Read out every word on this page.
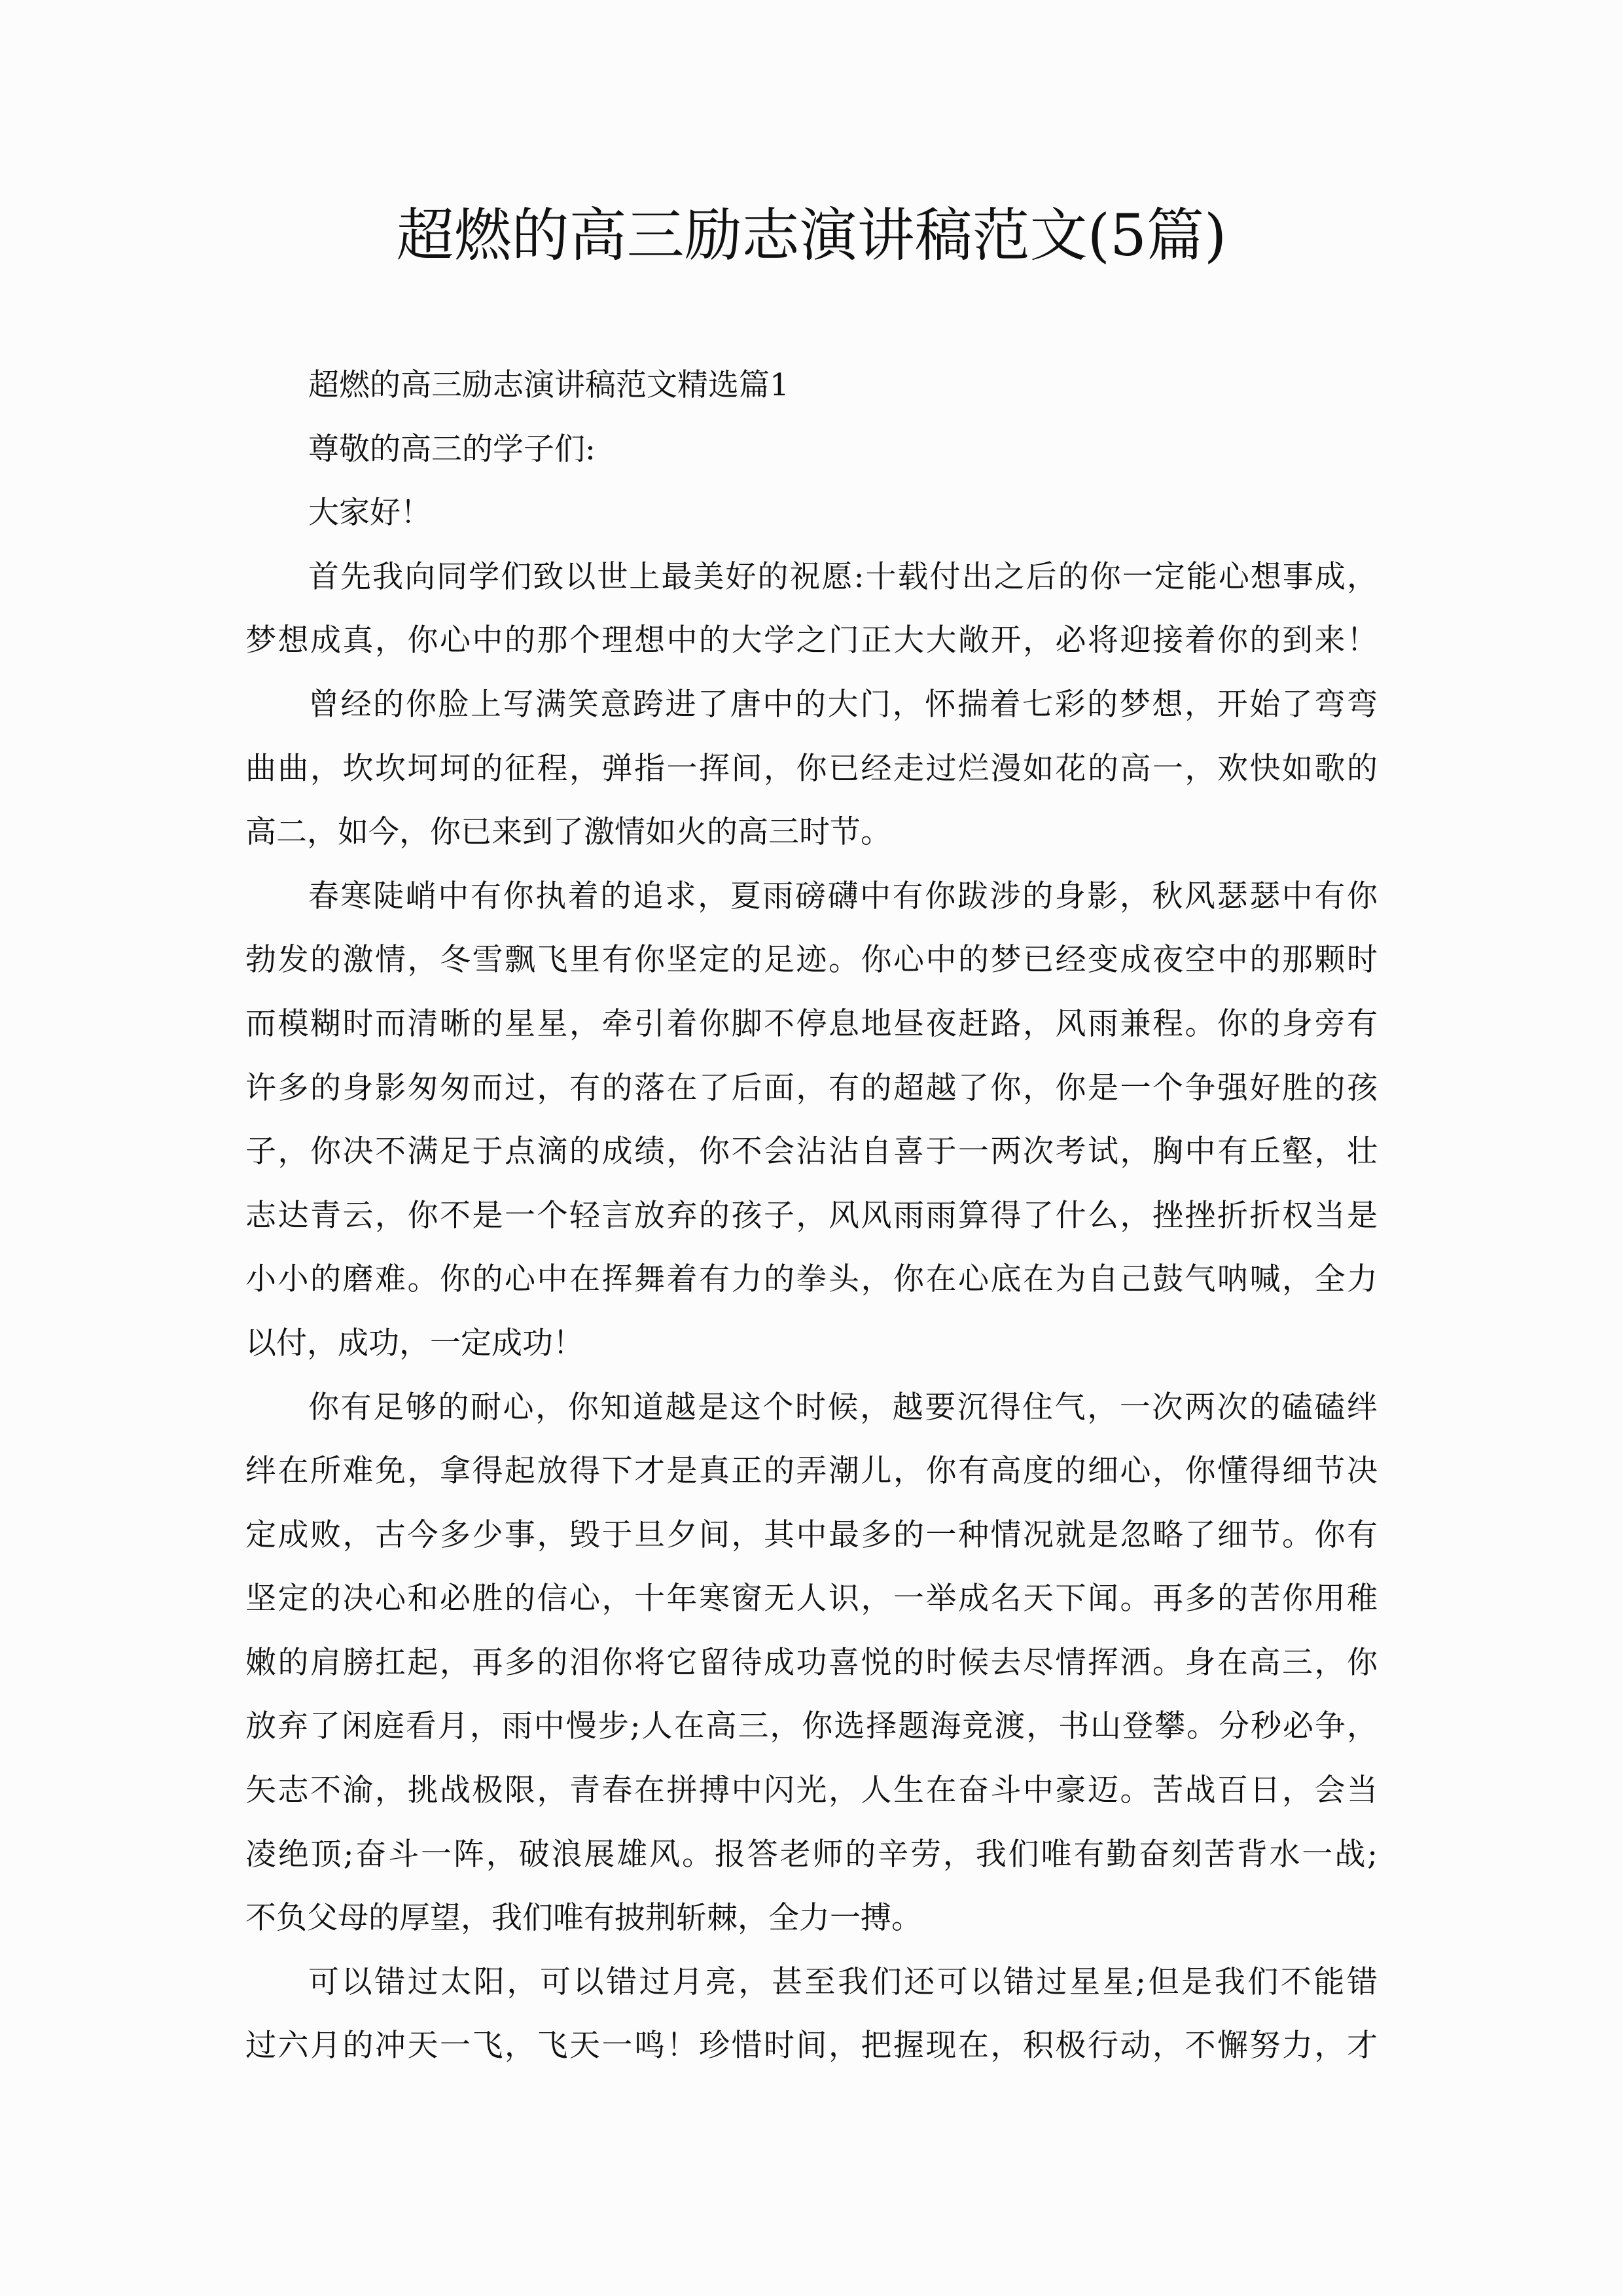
超燃的高三励志演讲稿范文(5篇)
超燃的高三励志演讲稿范文精选篇1
尊敬的高三的学子们:
大家好！
首先我向同学们致以世上最美好的祝愿:十载付出之后的你一定能心想事成，
梦想成真，你心中的那个理想中的大学之门正大大敞开，必将迎接着你的到来！
曾经的你脸上写满笑意跨进了唐中的大门，怀揣着七彩的梦想，开始了弯弯
曲曲，坎坎坷坷的征程，弹指一挥间，你已经走过烂漫如花的高一，欢快如歌的
高二，如今，你已来到了激情如火的高三时节。
春寒陡峭中有你执着的追求，夏雨磅礴中有你跋涉的身影，秋风瑟瑟中有你
勃发的激情，冬雪飘飞里有你坚定的足迹。你心中的梦已经变成夜空中的那颗时
而模糊时而清晰的星星，牵引着你脚不停息地昼夜赶路，风雨兼程。你的身旁有
许多的身影匆匆而过，有的落在了后面，有的超越了你，你是一个争强好胜的孩
子，你决不满足于点滴的成绩，你不会沾沾自喜于一两次考试，胸中有丘壑，壮
志达青云，你不是一个轻言放弃的孩子，风风雨雨算得了什么，挫挫折折权当是
小小的磨难。你的心中在挥舞着有力的拳头，你在心底在为自己鼓气呐喊，全力
以付，成功，一定成功！
你有足够的耐心，你知道越是这个时候，越要沉得住气，一次两次的磕磕绊
绊在所难免，拿得起放得下才是真正的弄潮儿，你有高度的细心，你懂得细节决
定成败，古今多少事，毁于旦夕间，其中最多的一种情况就是忽略了细节。你有
坚定的决心和必胜的信心，十年寒窗无人识，一举成名天下闻。再多的苦你用稚
嫩的肩膀扛起，再多的泪你将它留待成功喜悦的时候去尽情挥洒。身在高三，你
放弃了闲庭看月，雨中慢步;人在高三，你选择题海竞渡，书山登攀。分秒必争，
矢志不渝，挑战极限，青春在拼搏中闪光，人生在奋斗中豪迈。苦战百日，会当
凌绝顶;奋斗一阵，破浪展雄风。报答老师的辛劳，我们唯有勤奋刻苦背水一战;
不负父母的厚望，我们唯有披荆斩棘，全力一搏。
可以错过太阳，可以错过月亮，甚至我们还可以错过星星;但是我们不能错
过六月的冲天一飞，飞天一鸣！珍惜时间，把握现在，积极行动，不懈努力，才
